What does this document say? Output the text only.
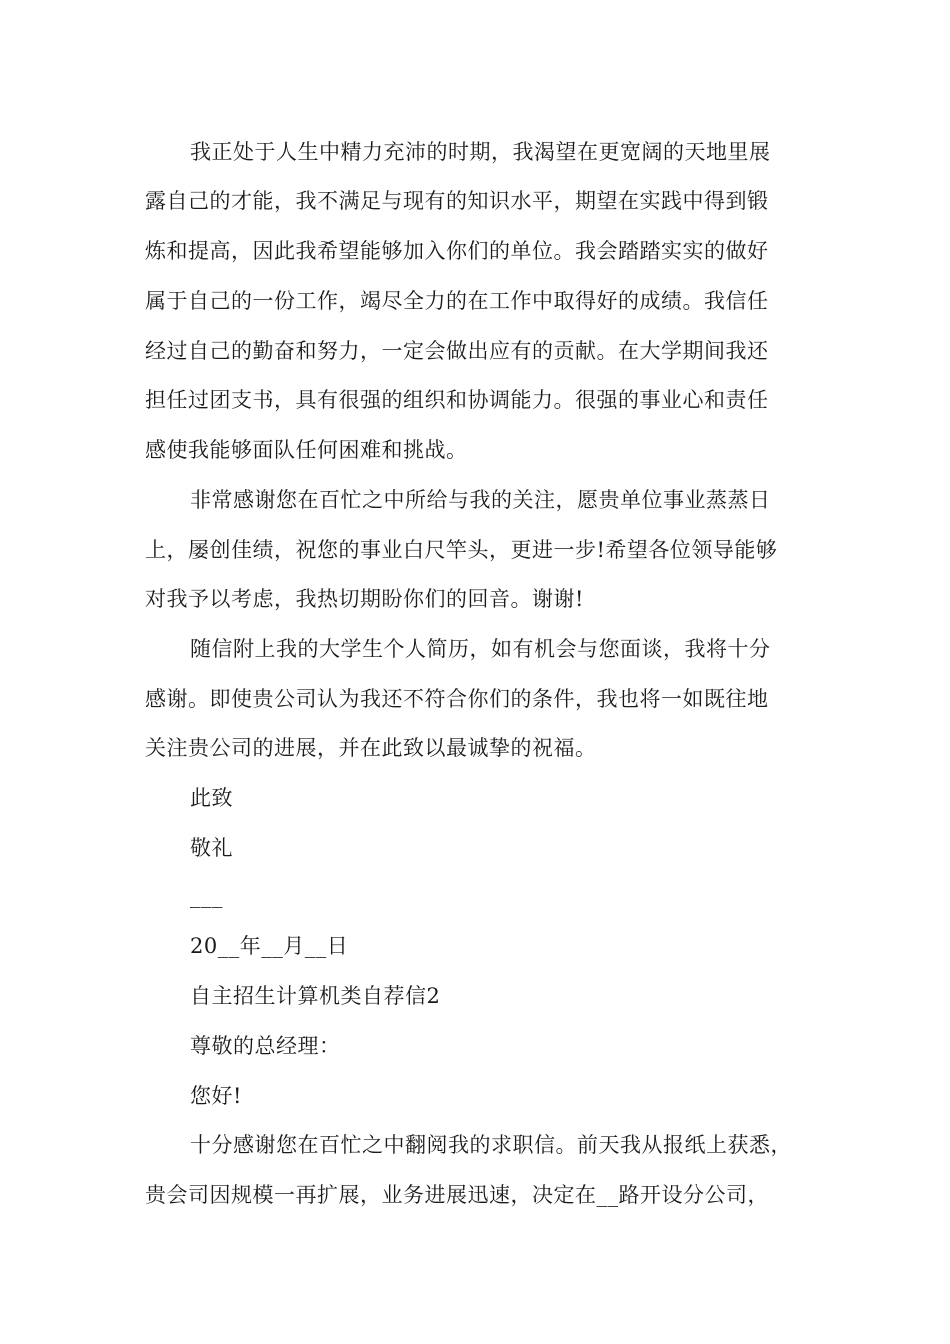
我正处于人生中精力充沛的时期，我渴望在更宽阔的天地里展
露自己的才能，我不满足与现有的知识水平，期望在实践中得到锻
炼和提高，因此我希望能够加入你们的单位。我会踏踏实实的做好
属于自己的一份工作，竭尽全力的在工作中取得好的成绩。我信任
经过自己的勤奋和努力，一定会做出应有的贡献。在大学期间我还
担任过团支书，具有很强的组织和协调能力。很强的事业心和责任
感使我能够面队任何困难和挑战。
非常感谢您在百忙之中所给与我的关注，愿贵单位事业蒸蒸日
上，屡创佳绩，祝您的事业白尺竿头，更进一步!希望各位领导能够
对我予以考虑，我热切期盼你们的回音。谢谢!
随信附上我的大学生个人简历，如有机会与您面谈，我将十分
感谢。即使贵公司认为我还不符合你们的条件，我也将一如既往地
关注贵公司的进展，并在此致以最诚挚的祝福。
此致
敬礼
___
20__年__月__日
自主招生计算机类自荐信2
尊敬的总经理：
您好!
十分感谢您在百忙之中翻阅我的求职信。前天我从报纸上获悉，
贵会司因规模一再扩展，业务进展迅速，决定在__路开设分公司，
